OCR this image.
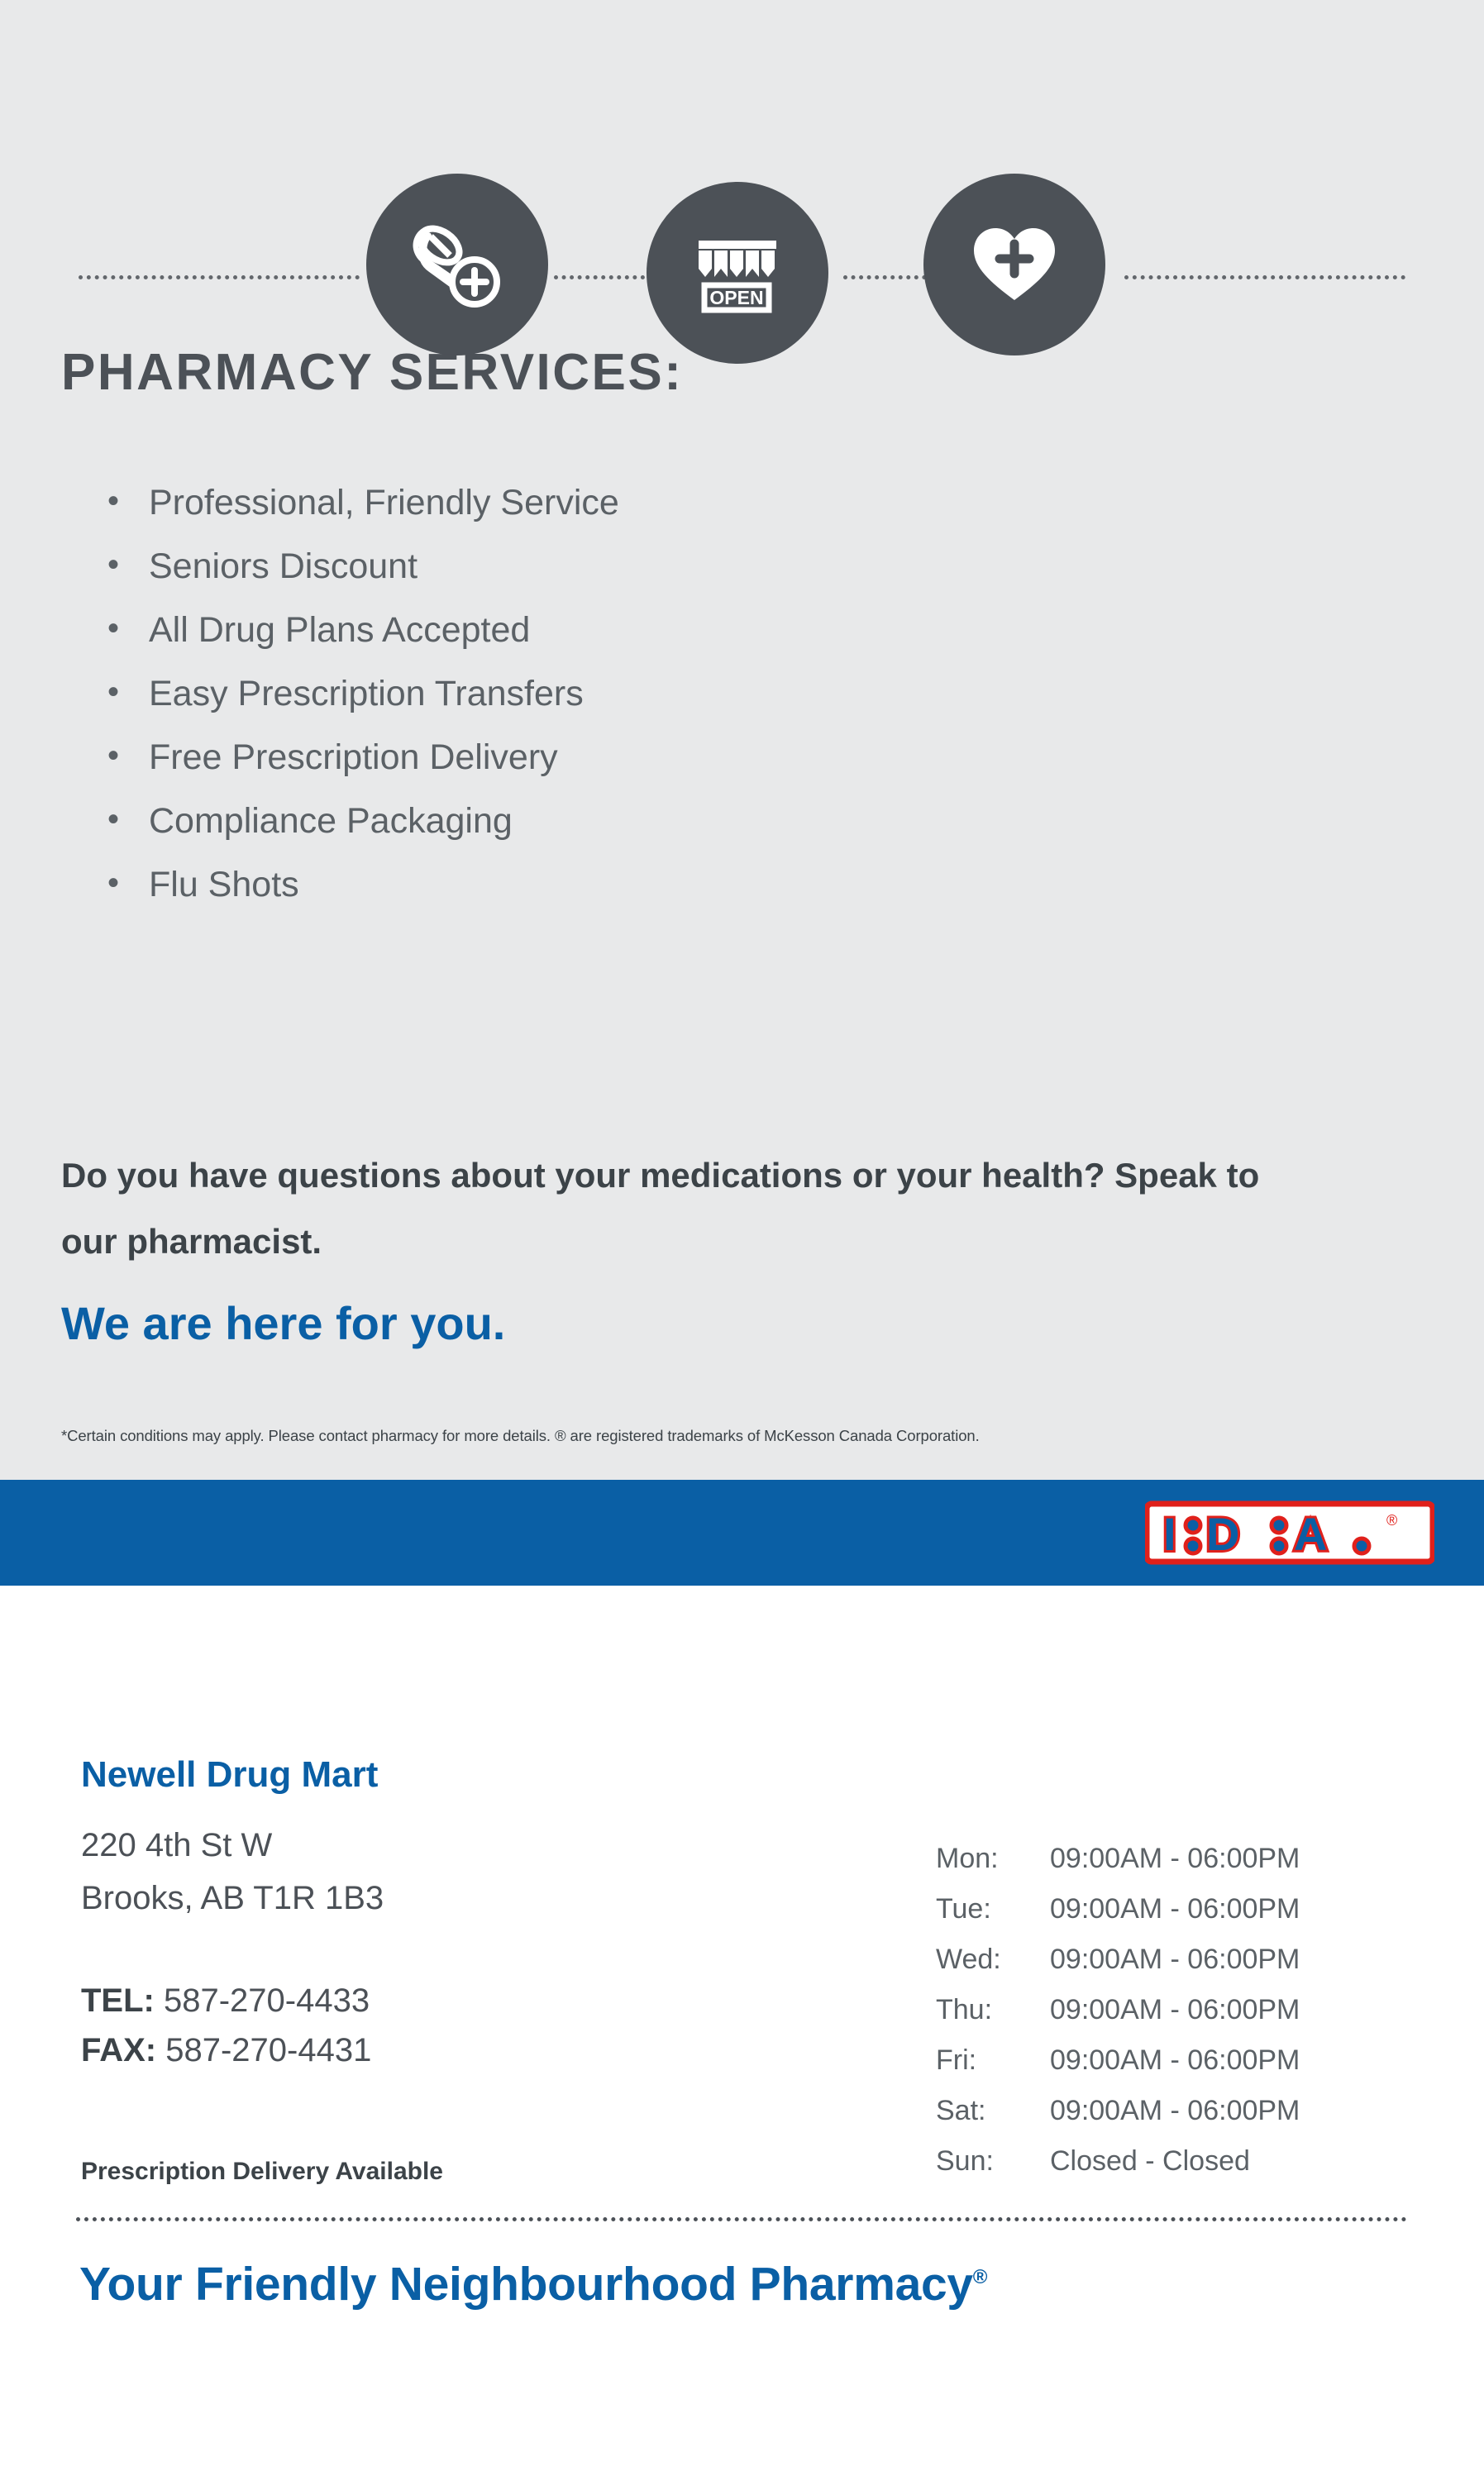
OPEN
PHARMACY SERVICES:
• Professional, Friendly Service
• Seniors Discount
• All Drug Plans Accepted
• Easy Prescription Transfers
• Free Prescription Delivery
• Compliance Packaging
• Flu Shots
Do you have questions about your medications or your health? Speak to our pharmacist.
We are here for you.
*Certain conditions may apply. Please contact pharmacy for more details. ® are registered trademarks of McKesson Canada Corporation.
I D A	®
Newell Drug Mart
220 4th St W
Brooks, AB T1R 1B3
TEL: 587-270-4433
FAX: 587-270-4431
Prescription Delivery Available
Mon:	09:00AM - 06:00PM
Tue:	09:00AM - 06:00PM
Wed:	09:00AM - 06:00PM
Thu:	09:00AM - 06:00PM
Fri:	09:00AM - 06:00PM
Sat:	09:00AM - 06:00PM
Sun:	Closed - Closed
Your Friendly Neighbourhood Pharmacy®
